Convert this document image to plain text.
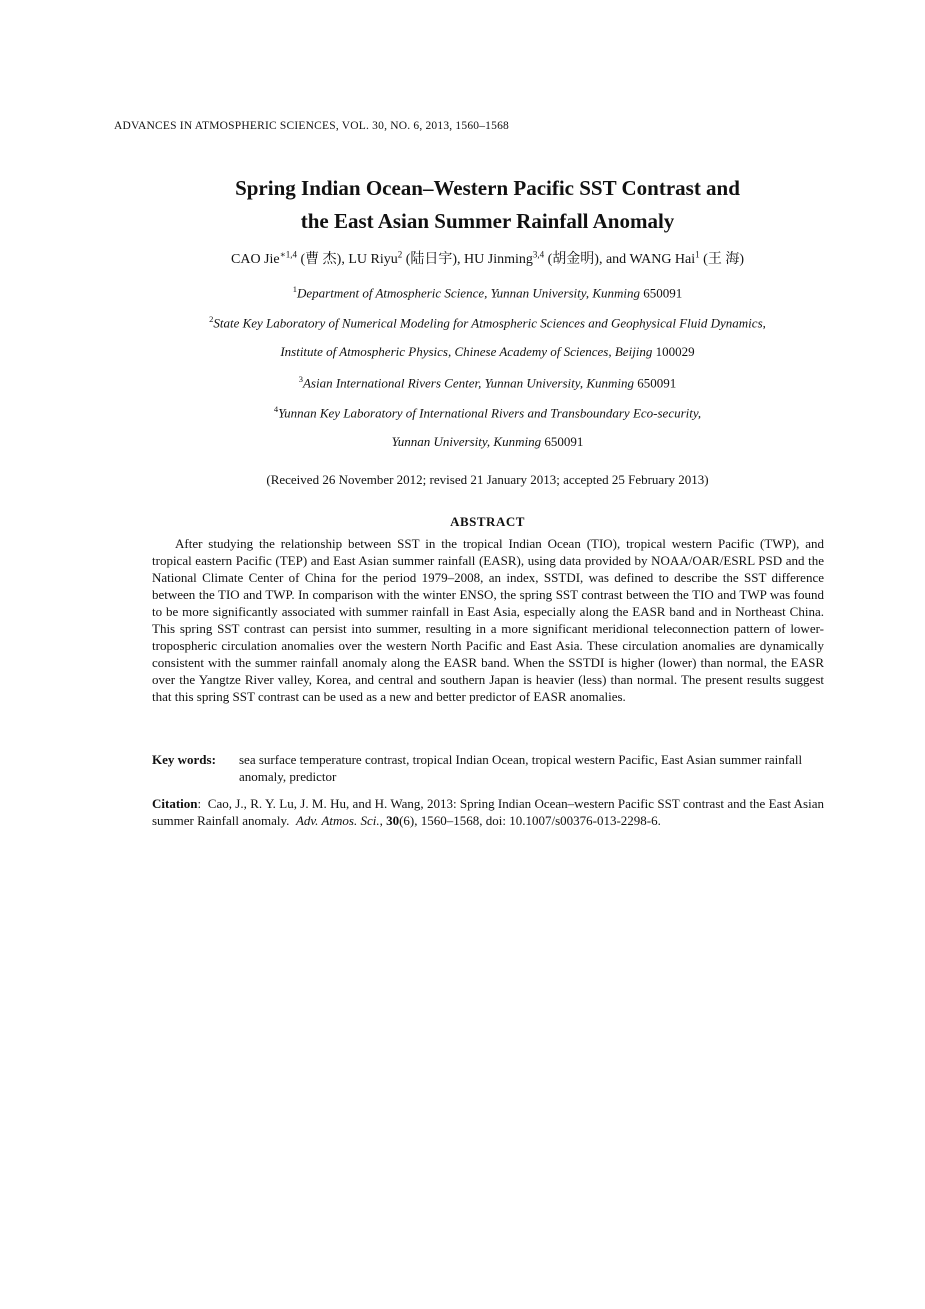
ADVANCES IN ATMOSPHERIC SCIENCES, VOL. 30, NO. 6, 2013, 1560–1568
Spring Indian Ocean–Western Pacific SST Contrast and
the East Asian Summer Rainfall Anomaly
CAO Jie$^{∗1,4}$ (曹 杰), LU Riyu$^2$ (陆日宇), HU Jinming$^{3,4}$ (胡金明), and WANG Hai$^1$ (王 海)
$^1$Department of Atmospheric Science, Yunnan University, Kunming 650091
$^2$State Key Laboratory of Numerical Modeling for Atmospheric Sciences and Geophysical Fluid Dynamics,
Institute of Atmospheric Physics, Chinese Academy of Sciences, Beijing 100029
$^3$Asian International Rivers Center, Yunnan University, Kunming 650091
$^4$Yunnan Key Laboratory of International Rivers and Transboundary Eco-security,
Yunnan University, Kunming 650091
(Received 26 November 2012; revised 21 January 2013; accepted 25 February 2013)
ABSTRACT

After studying the relationship between SST in the tropical Indian Ocean (TIO), tropical western Pacific (TWP), and tropical eastern Pacific (TEP) and East Asian summer rainfall (EASR), using data provided by NOAA/OAR/ESRL PSD and the National Climate Center of China for the period 1979–2008, an index, SSTDI, was defined to describe the SST difference between the TIO and TWP. In comparison with the winter ENSO, the spring SST contrast between the TIO and TWP was found to be more significantly associated with summer rainfall in East Asia, especially along the EASR band and in Northeast China. This spring SST contrast can persist into summer, resulting in a more significant meridional teleconnection pattern of lower-tropospheric circulation anomalies over the western North Pacific and East Asia. These circulation anomalies are dynamically consistent with the summer rainfall anomaly along the EASR band. When the SSTDI is higher (lower) than normal, the EASR over the Yangtze River valley, Korea, and central and southern Japan is heavier (less) than normal. The present results suggest that this spring SST contrast can be used as a new and better predictor of EASR anomalies.

Key words:	sea surface temperature contrast, tropical Indian Ocean, tropical western Pacific, East Asian summer rainfall anomaly, predictor
Citation:  Cao, J., R. Y. Lu, J. M. Hu, and H. Wang, 2013: Spring Indian Ocean–western Pacific SST contrast and the East Asian summer Rainfall anomaly. Adv. Atmos. Sci., 30(6), 1560–1568, doi: 10.1007/s00376-013-2298-6.
